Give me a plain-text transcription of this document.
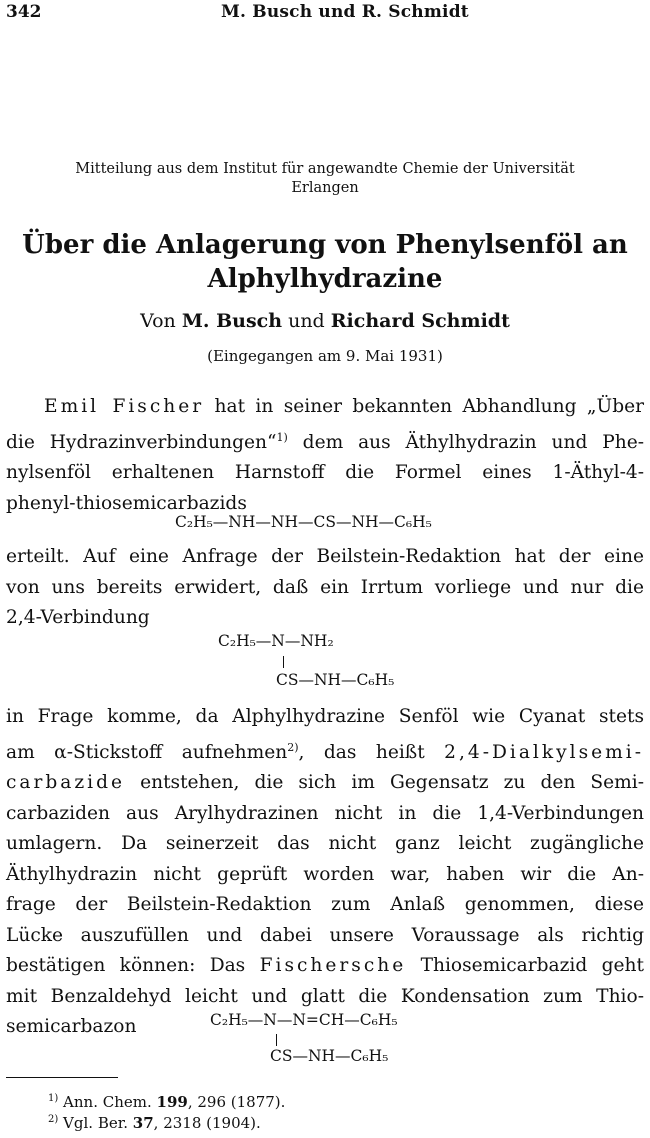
342	M. Busch und R. Schmidt
Mitteilung aus dem Institut für angewandte Chemie der Universität
Erlangen
Über die Anlagerung von Phenylsenföl an
Alphylhydrazine
Von M. Busch und Richard Schmidt
(Eingegangen am 9. Mai 1931)
Emil Fischer hat in seiner bekannten Abhandlung „Über
die Hydrazinverbindungen“$^{1)}$ dem aus Äthylhydrazin und Phe-
nylsenföl erhaltenen Harnstoff die Formel eines 1-Äthyl-4-
phenyl-thiosemicarbazids
C₂H₅—NH—NH—CS—NH—C₆H₅
erteilt. Auf eine Anfrage der Beilstein-Redaktion hat der eine
von uns bereits erwidert, daß ein Irrtum vorliege und nur die
2,4-Verbindung
C₂H₅—N—NH₂
CS—NH—C₆H₅
in Frage komme, da Alphylhydrazine Senföl wie Cyanat stets
am α-Stickstoff aufnehmen$^{2)}$, das heißt 2,4-Dialkylsemi-
carbazide entstehen, die sich im Gegensatz zu den Semi-
carbaziden aus Arylhydrazinen nicht in die 1,4-Verbindungen
umlagern. Da seinerzeit das nicht ganz leicht zugängliche
Äthylhydrazin nicht geprüft worden war, haben wir die An-
frage der Beilstein-Redaktion zum Anlaß genommen, diese
Lücke auszufüllen und dabei unsere Voraussage als richtig
bestätigen können: Das Fischersche Thiosemicarbazid geht
mit Benzaldehyd leicht und glatt die Kondensation zum Thio-
semicarbazon	C₂H₅—N—N=CH—C₆H₅
CS—NH—C₆H₅
$^{1)}$ Ann. Chem. 199, 296 (1877).
$^{2)}$ Vgl. Ber. 37, 2318 (1904).
